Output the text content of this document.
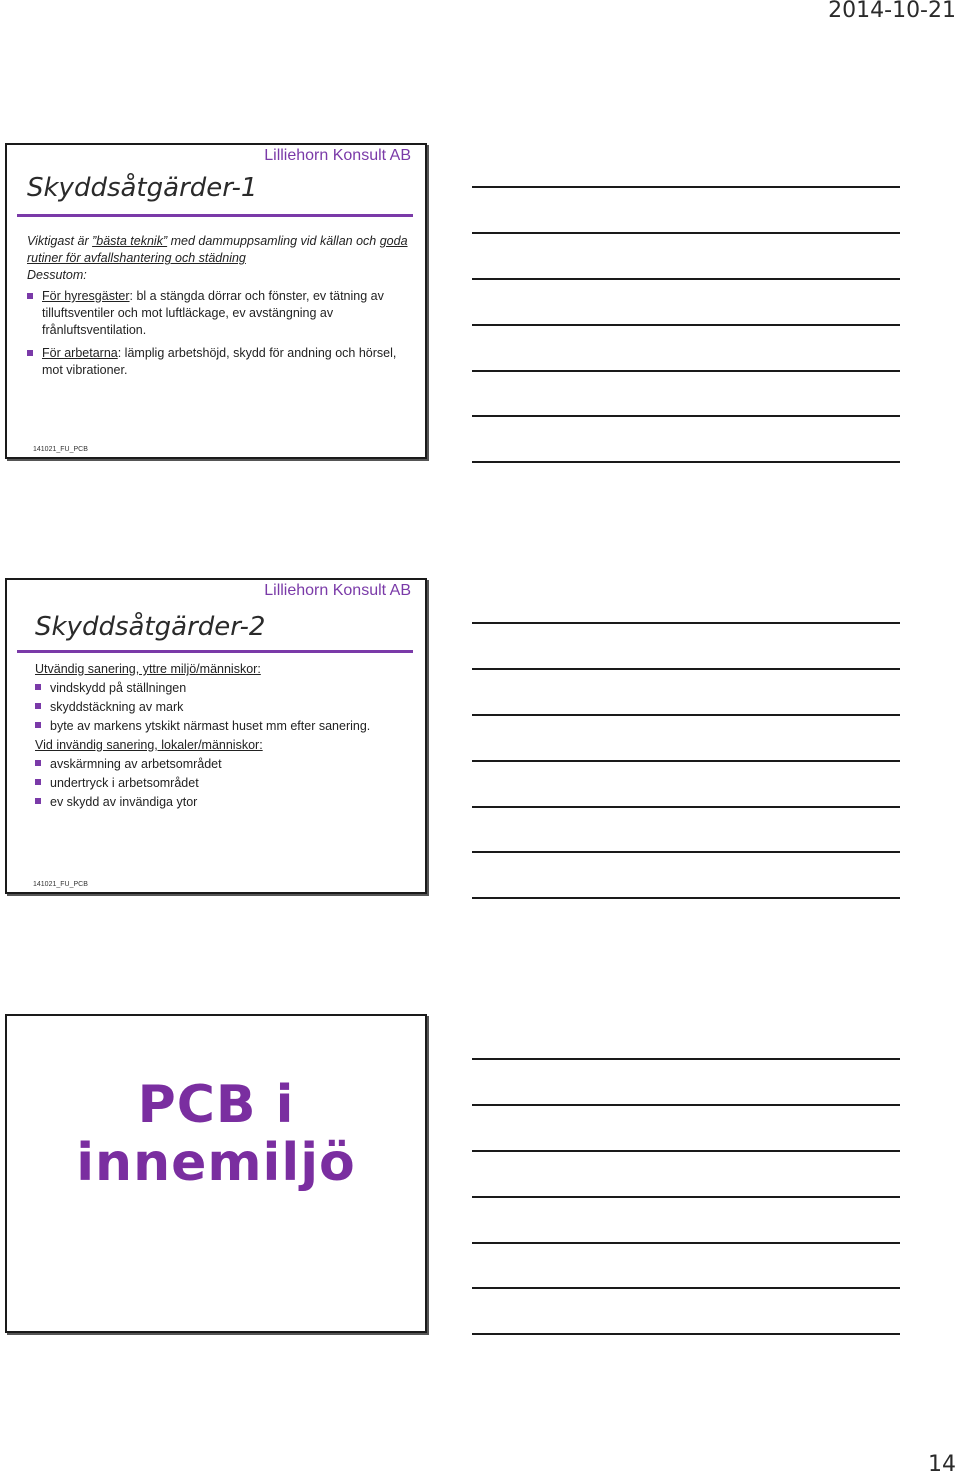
2014-10-21
Lilliehorn Konsult AB
Skyddsåtgärder-1
Viktigast är ”bästa teknik” med dammuppsamling vid källan och goda rutiner för avfallshantering och städning
Dessutom:
För hyresgäster: bl a stängda dörrar och fönster, ev tätning av tilluftsventiler och mot luftläckage, ev avstängning av frånluftsventilation.
För arbetarna: lämplig arbetshöjd, skydd för andning och hörsel, mot vibrationer.
141021_FU_PCB
Lilliehorn Konsult AB
Skyddsåtgärder-2
Utvändig sanering, yttre miljö/människor:
vindskydd på ställningen
skyddstäckning av mark
byte av markens ytskikt närmast huset mm efter sanering.
Vid invändig sanering, lokaler/människor:
avskärmning av arbetsområdet
undertryck i arbetsområdet
ev skydd av invändiga ytor
141021_FU_PCB
PCB i
innemiljö
14
